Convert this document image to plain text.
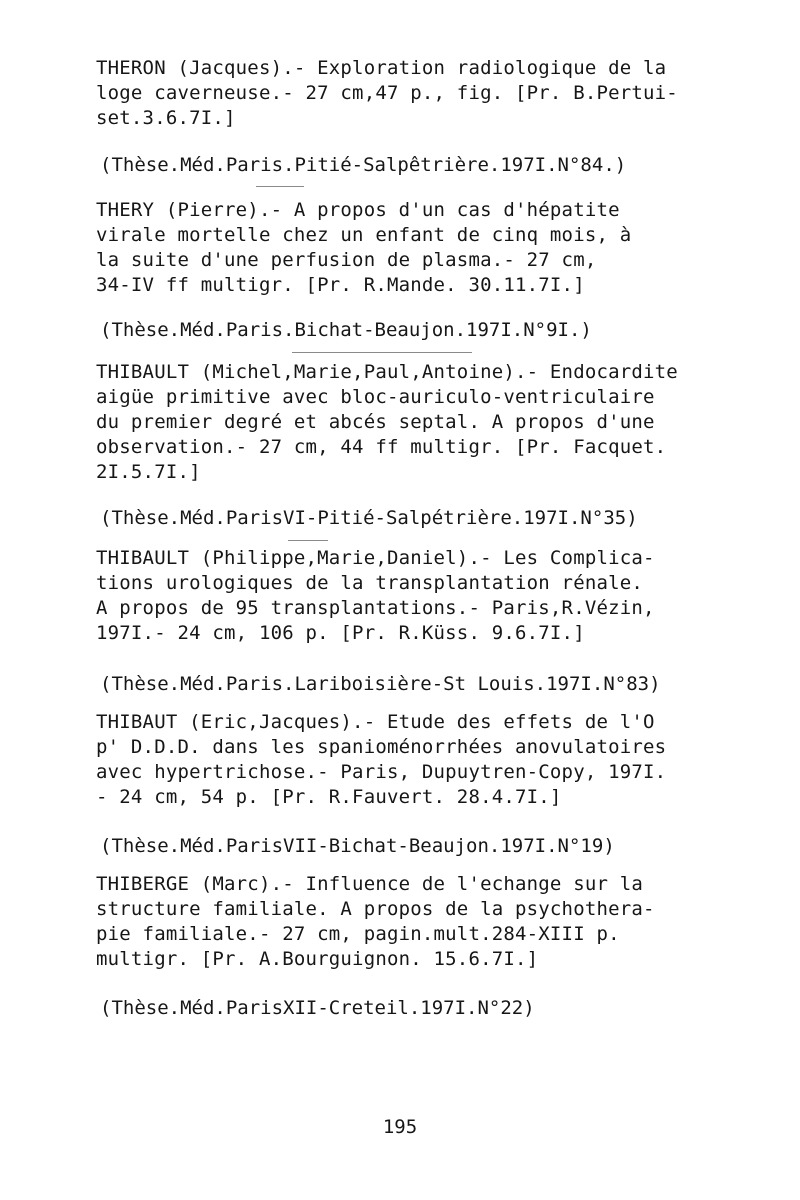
THERON (Jacques).- Exploration radiologique de la
loge caverneuse.- 27 cm,47 p., fig. [Pr. B.Pertui-
set.3.6.7I.]
(Thèse.Méd.Paris.Pitié-Salpêtrière.197I.N°84.)
THERY (Pierre).- A propos d'un cas d'hépatite
virale mortelle chez un enfant de cinq mois, à
la suite d'une perfusion de plasma.- 27 cm,
34-IV ff multigr. [Pr. R.Mande. 30.11.7I.]
(Thèse.Méd.Paris.Bichat-Beaujon.197I.N°9I.)
THIBAULT (Michel,Marie,Paul,Antoine).- Endocardite
aigüe primitive avec bloc-auriculo-ventriculaire
du premier degré et abcés septal. A propos d'une
observation.- 27 cm, 44 ff multigr. [Pr. Facquet.
2I.5.7I.]
(Thèse.Méd.ParisVI-Pitié-Salpétrière.197I.N°35)
THIBAULT (Philippe,Marie,Daniel).- Les Complica-
tions urologiques de la transplantation rénale.
A propos de 95 transplantations.- Paris,R.Vézin,
197I.- 24 cm, 106 p. [Pr. R.Küss. 9.6.7I.]
(Thèse.Méd.Paris.Lariboisière-St Louis.197I.N°83)
THIBAUT (Eric,Jacques).- Etude des effets de l'O
p' D.D.D. dans les spanioménorrhées anovulatoires
avec hypertrichose.- Paris, Dupuytren-Copy, 197I.
- 24 cm, 54 p. [Pr. R.Fauvert. 28.4.7I.]
(Thèse.Méd.ParisVII-Bichat-Beaujon.197I.N°19)
THIBERGE (Marc).- Influence de l'echange sur la
structure familiale. A propos de la psychothera-
pie familiale.- 27 cm, pagin.mult.284-XIII p.
multigr. [Pr. A.Bourguignon. 15.6.7I.]
(Thèse.Méd.ParisXII-Creteil.197I.N°22)
195
